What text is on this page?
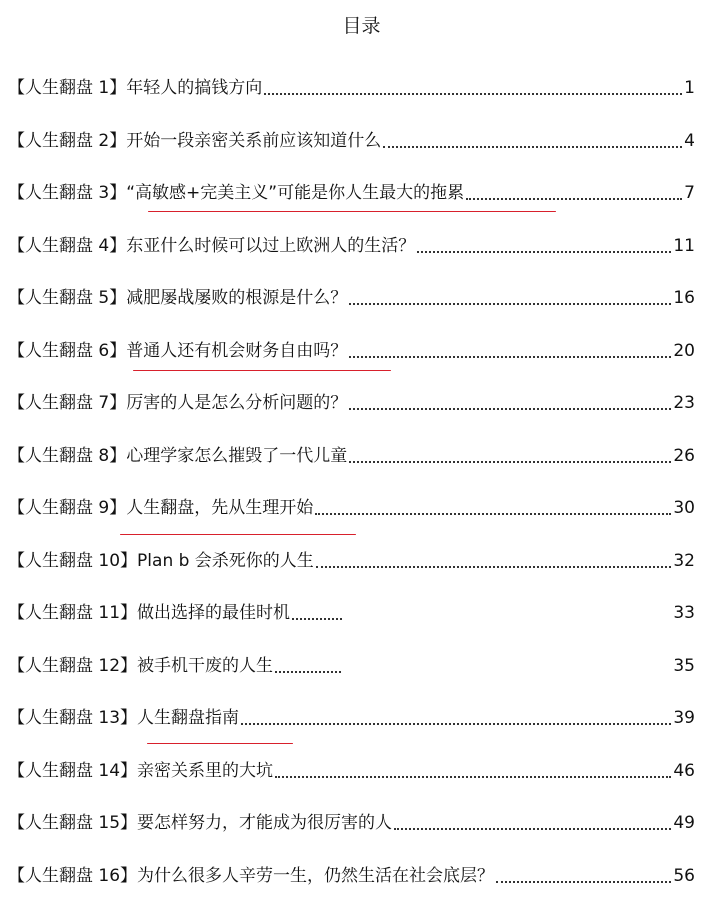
目录
【人生翻盘 1】 年轻人的搞钱方向	1
【人生翻盘 2】 开始一段亲密关系前应该知道什么	4
【人生翻盘 3】 “高敏感+完美主义”可能是你人生最大的拖累	7
【人生翻盘 4】 东亚什么时候可以过上欧洲人的生活？	11
【人生翻盘 5】 减肥屡战屡败的根源是什么？	16
【人生翻盘 6】 普通人还有机会财务自由吗？	20
【人生翻盘 7】 厉害的人是怎么分析问题的？	23
【人生翻盘 8】 心理学家怎么摧毁了一代儿童	26
【人生翻盘 9】 人生翻盘，先从生理开始	30
【人生翻盘 10】 Plan b 会杀死你的人生	32
【人生翻盘 11】 做出选择的最佳时机	33
【人生翻盘 12】 被手机干废的人生	35
【人生翻盘 13】 人生翻盘指南	39
【人生翻盘 14】 亲密关系里的大坑	46
【人生翻盘 15】 要怎样努力，才能成为很厉害的人	49
【人生翻盘 16】 为什么很多人辛劳一生，仍然生活在社会底层？	56
